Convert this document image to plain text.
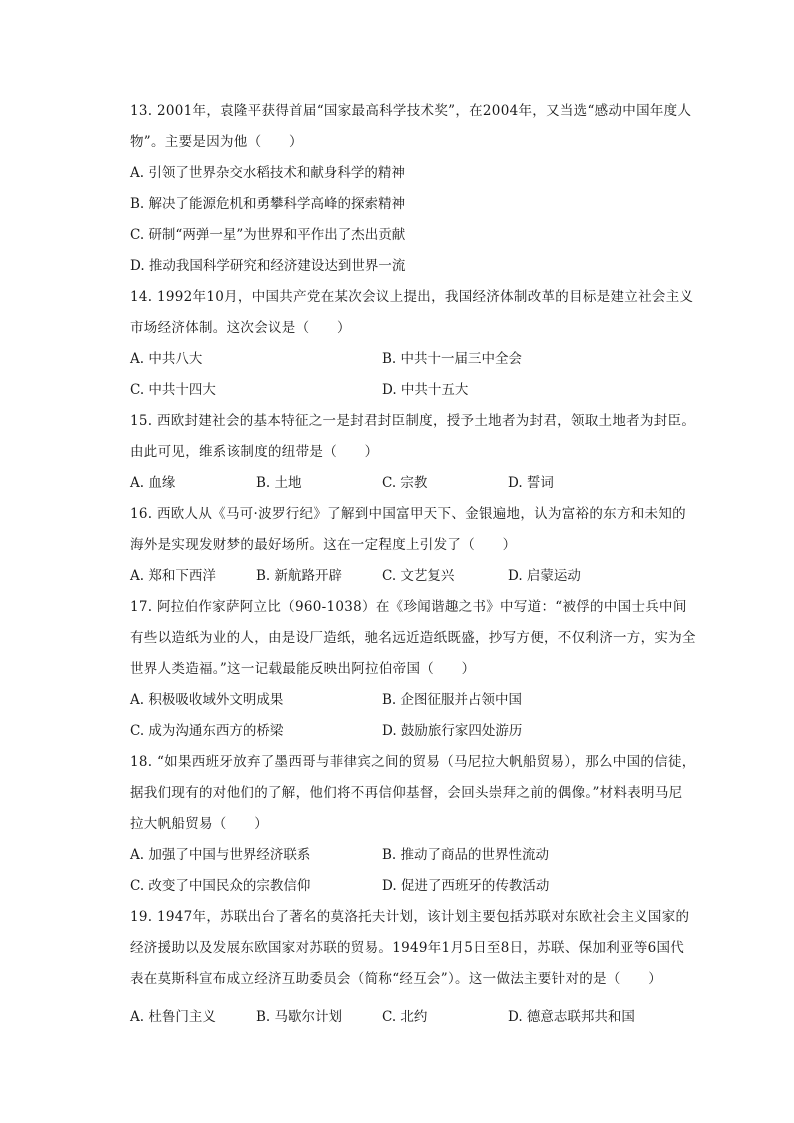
13. 2001年，袁隆平获得首届“国家最高科学技术奖”，在2004年，又当选“感动中国年度人物”。主要是因为他（　　）
A. 引领了世界杂交水稻技术和献身科学的精神
B. 解决了能源危机和勇攀科学高峰的探索精神
C. 研制“两弹一星”为世界和平作出了杰出贡献
D. 推动我国科学研究和经济建设达到世界一流
14. 1992年10月，中国共产党在某次会议上提出，我国经济体制改革的目标是建立社会主义市场经济体制。这次会议是（　　）
A. 中共八大	B. 中共十一届三中全会
C. 中共十四大	D. 中共十五大
15. 西欧封建社会的基本特征之一是封君封臣制度，授予土地者为封君，领取土地者为封臣。由此可见，维系该制度的纽带是（　　）
A. 血缘	B. 土地	C. 宗教	D. 誓词
16. 西欧人从《马可·波罗行纪》了解到中国富甲天下、金银遍地，认为富裕的东方和未知的海外是实现发财梦的最好场所。这在一定程度上引发了（　　）
A. 郑和下西洋	B. 新航路开辟	C. 文艺复兴	D. 启蒙运动
17. 阿拉伯作家萨阿立比（960-1038）在《珍闻谐趣之书》中写道：“被俘的中国士兵中间有些以造纸为业的人，由是设厂造纸，驰名远近造纸既盛，抄写方便，不仅利济一方，实为全世界人类造福。”这一记载最能反映出阿拉伯帝国（　　）
A. 积极吸收域外文明成果	B. 企图征服并占领中国
C. 成为沟通东西方的桥梁	D. 鼓励旅行家四处游历
18. “如果西班牙放弃了墨西哥与菲律宾之间的贸易（马尼拉大帆船贸易），那么中国的信徒，据我们现有的对他们的了解，他们将不再信仰基督，会回头崇拜之前的偶像。”材料表明马尼拉大帆船贸易（　　）
A. 加强了中国与世界经济联系	B. 推动了商品的世界性流动
C. 改变了中国民众的宗教信仰	D. 促进了西班牙的传教活动
19. 1947年，苏联出台了著名的莫洛托夫计划，该计划主要包括苏联对东欧社会主义国家的经济援助以及发展东欧国家对苏联的贸易。1949年1月5日至8日，苏联、保加利亚等6国代表在莫斯科宣布成立经济互助委员会（简称“经互会”）。这一做法主要针对的是（　　）
A. 杜鲁门主义	B. 马歇尔计划	C. 北约	D. 德意志联邦共和国
